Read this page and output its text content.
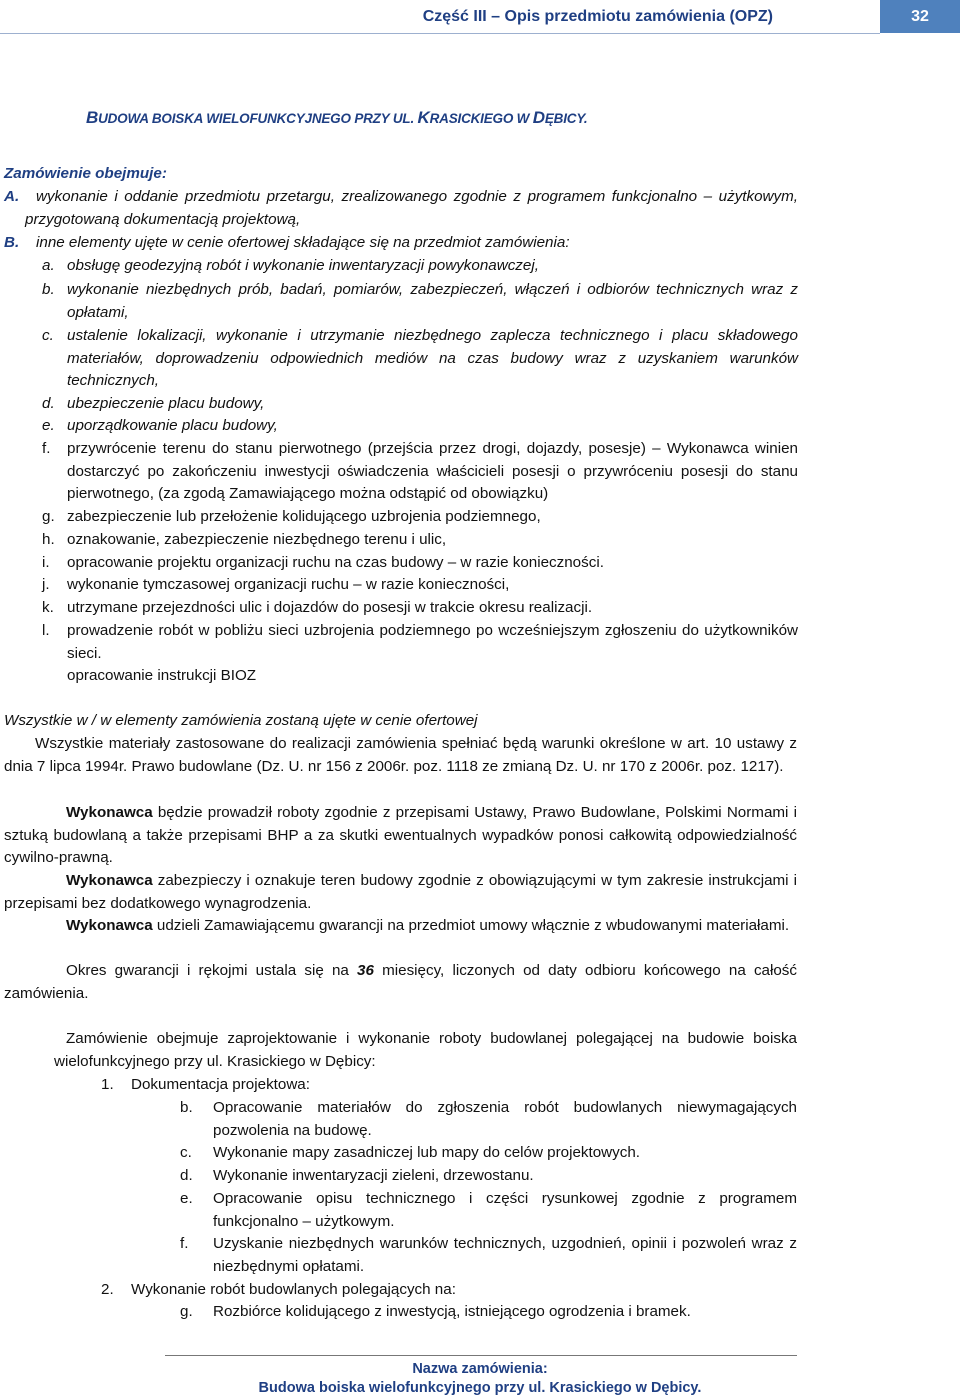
Część III – Opis przedmiotu zamówienia (OPZ)	32
BUDOWA BOISKA WIELOFUNKCYJNEGO PRZY UL. KRASICKIEGO W DĘBICY.
Zamówienie obejmuje:
A.	wykonanie i oddanie przedmiotu przetargu, zrealizowanego zgodnie z programem funkcjonalno – użytkowym, przygotowaną dokumentacją projektową,
B. inne elementy ujęte w cenie ofertowej składające się na przedmiot zamówienia:
a. obsługę geodezyjną robót i wykonanie inwentaryzacji powykonawczej,
b. wykonanie niezbędnych prób, badań, pomiarów, zabezpieczeń, włączeń i odbiorów technicznych wraz z opłatami,
c. ustalenie lokalizacji, wykonanie i utrzymanie niezbędnego zaplecza technicznego i placu składowego materiałów, doprowadzeniu odpowiednich mediów na czas budowy wraz z uzyskaniem warunków technicznych,
d. ubezpieczenie placu budowy,
e. uporządkowanie placu budowy,
f. przywrócenie terenu do stanu pierwotnego (przejścia przez drogi, dojazdy, posesje) – Wykonawca winien dostarczyć po zakończeniu inwestycji oświadczenia właścicieli posesji o przywróceniu posesji do stanu pierwotnego, (za zgodą Zamawiającego można odstąpić od obowiązku)
g. zabezpieczenie lub przełożenie kolidującego uzbrojenia podziemnego,
h. oznakowanie, zabezpieczenie niezbędnego terenu i ulic,
i. opracowanie projektu organizacji ruchu na czas budowy – w razie konieczności.
j. wykonanie tymczasowej organizacji ruchu – w razie konieczności,
k. utrzymane przejezdności ulic i dojazdów do posesji w trakcie okresu realizacji.
l. prowadzenie robót w pobliżu sieci uzbrojenia podziemnego po wcześniejszym zgłoszeniu do użytkowników sieci.
opracowanie instrukcji BIOZ
Wszystkie w / w elementy zamówienia zostaną ujęte w cenie ofertowej
Wszystkie materiały zastosowane do realizacji zamówienia spełniać będą warunki określone w art. 10 ustawy z dnia 7 lipca 1994r. Prawo budowlane (Dz. U. nr 156 z 2006r. poz. 1118 ze zmianą Dz. U. nr 170 z 2006r. poz. 1217).
Wykonawca będzie prowadził roboty zgodnie z przepisami Ustawy, Prawo Budowlane, Polskimi Normami i sztuką budowlaną a także przepisami BHP a za skutki ewentualnych wypadków ponosi całkowitą odpowiedzialność cywilno-prawną.
Wykonawca zabezpieczy i oznakuje teren budowy zgodnie z obowiązującymi w tym zakresie instrukcjami i przepisami bez dodatkowego wynagrodzenia.
Wykonawca udzieli Zamawiającemu gwarancji na przedmiot umowy włącznie z wbudowanymi materiałami.
Okres gwarancji i rękojmi ustala się na 36 miesięcy, liczonych od daty odbioru końcowego na całość zamówienia.
Zamówienie obejmuje zaprojektowanie i wykonanie roboty budowlanej polegającej na budowie boiska wielofunkcyjnego przy ul. Krasickiego w Dębicy:
1. Dokumentacja projektowa:
b. Opracowanie materiałów do zgłoszenia robót budowlanych niewymagających pozwolenia na budowę.
c. Wykonanie mapy zasadniczej lub mapy do celów projektowych.
d. Wykonanie inwentaryzacji zieleni, drzewostanu.
e. Opracowanie opisu technicznego i części rysunkowej zgodnie z programem funkcjonalno – użytkowym.
f. Uzyskanie niezbędnych warunków technicznych, uzgodnień, opinii i pozwoleń wraz z niezbędnymi opłatami.
2. Wykonanie robót budowlanych polegających na:
g. Rozbiórce kolidującego z inwestycją, istniejącego ogrodzenia i bramek.
Nazwa zamówienia:
Budowa boiska wielofunkcyjnego przy ul. Krasickiego w Dębicy.
